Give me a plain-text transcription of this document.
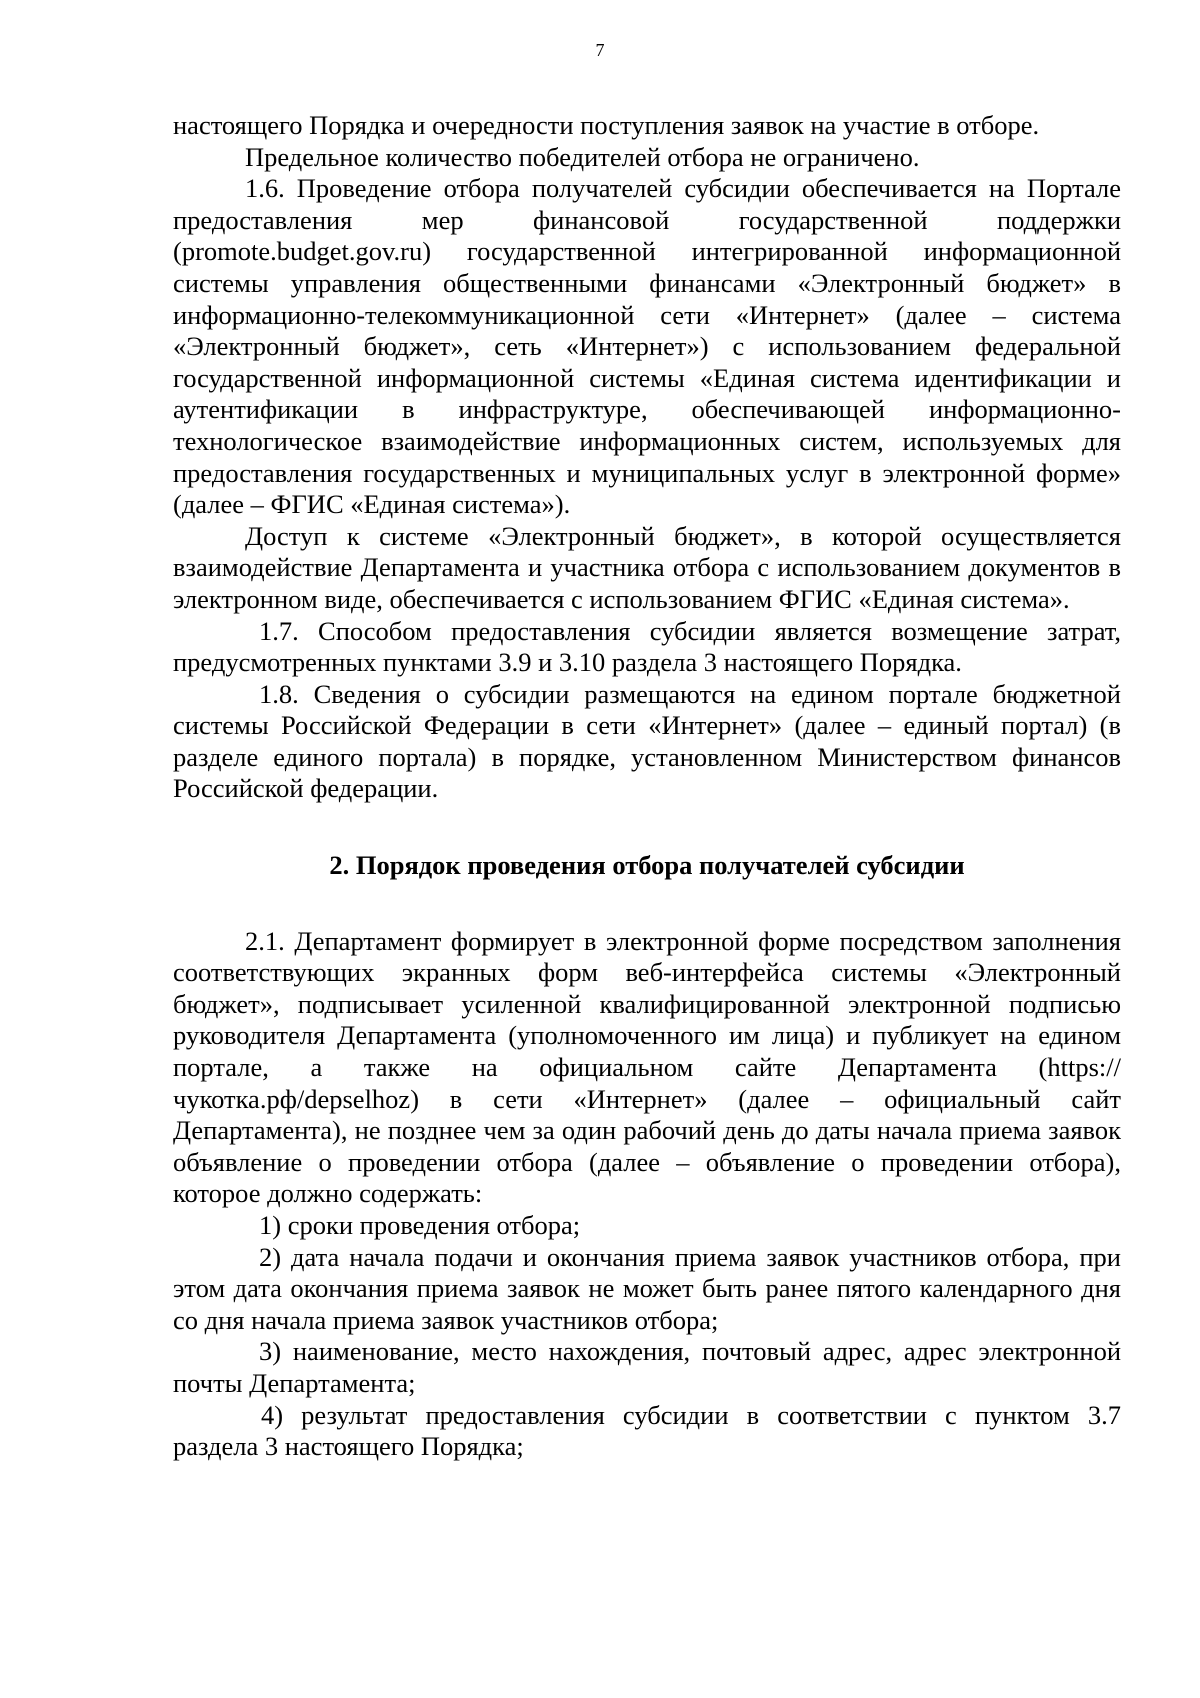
7

настоящего Порядка и очередности поступления заявок на участие в отборе.

Предельное количество победителей отбора не ограничено.

1.6. Проведение отбора получателей субсидии обеспечивается на Портале предоставления мер финансовой государственной поддержки (promote.budget.gov.ru) государственной интегрированной информационной системы управления общественными финансами «Электронный бюджет» в информационно-телекоммуникационной сети «Интернет» (далее – система «Электронный бюджет», сеть «Интернет») с использованием федеральной государственной информационной системы «Единая система идентификации и аутентификации в инфраструктуре, обеспечивающей информационно-технологическое взаимодействие информационных систем, используемых для предоставления государственных и муниципальных услуг в электронной форме» (далее – ФГИС «Единая система»).

Доступ к системе «Электронный бюджет», в которой осуществляется взаимодействие Департамента и участника отбора с использованием документов в электронном виде, обеспечивается с использованием ФГИС «Единая система».

1.7. Способом предоставления субсидии является возмещение затрат, предусмотренных пунктами 3.9 и 3.10 раздела 3 настоящего Порядка.

1.8. Сведения о субсидии размещаются на едином портале бюджетной системы Российской Федерации в сети «Интернет» (далее – единый портал) (в разделе единого портала) в порядке, установленном Министерством финансов Российской федерации.

2. Порядок проведения отбора получателей субсидии

2.1. Департамент формирует в электронной форме посредством заполнения соответствующих экранных форм веб-интерфейса системы «Электронный бюджет», подписывает усиленной квалифицированной электронной подписью руководителя Департамента (уполномоченного им лица) и публикует на едином портале, а также на официальном сайте Департамента (https://чукотка.рф/depselhoz) в сети «Интернет» (далее – официальный сайт Департамента), не позднее чем за один рабочий день до даты начала приема заявок объявление о проведении отбора (далее – объявление о проведении отбора), которое должно содержать:

1) сроки проведения отбора;

2) дата начала подачи и окончания приема заявок участников отбора, при этом дата окончания приема заявок не может быть ранее пятого календарного дня со дня начала приема заявок участников отбора;

3) наименование, место нахождения, почтовый адрес, адрес электронной почты Департамента;

4) результат предоставления субсидии в соответствии с пунктом 3.7 раздела 3 настоящего Порядка;
